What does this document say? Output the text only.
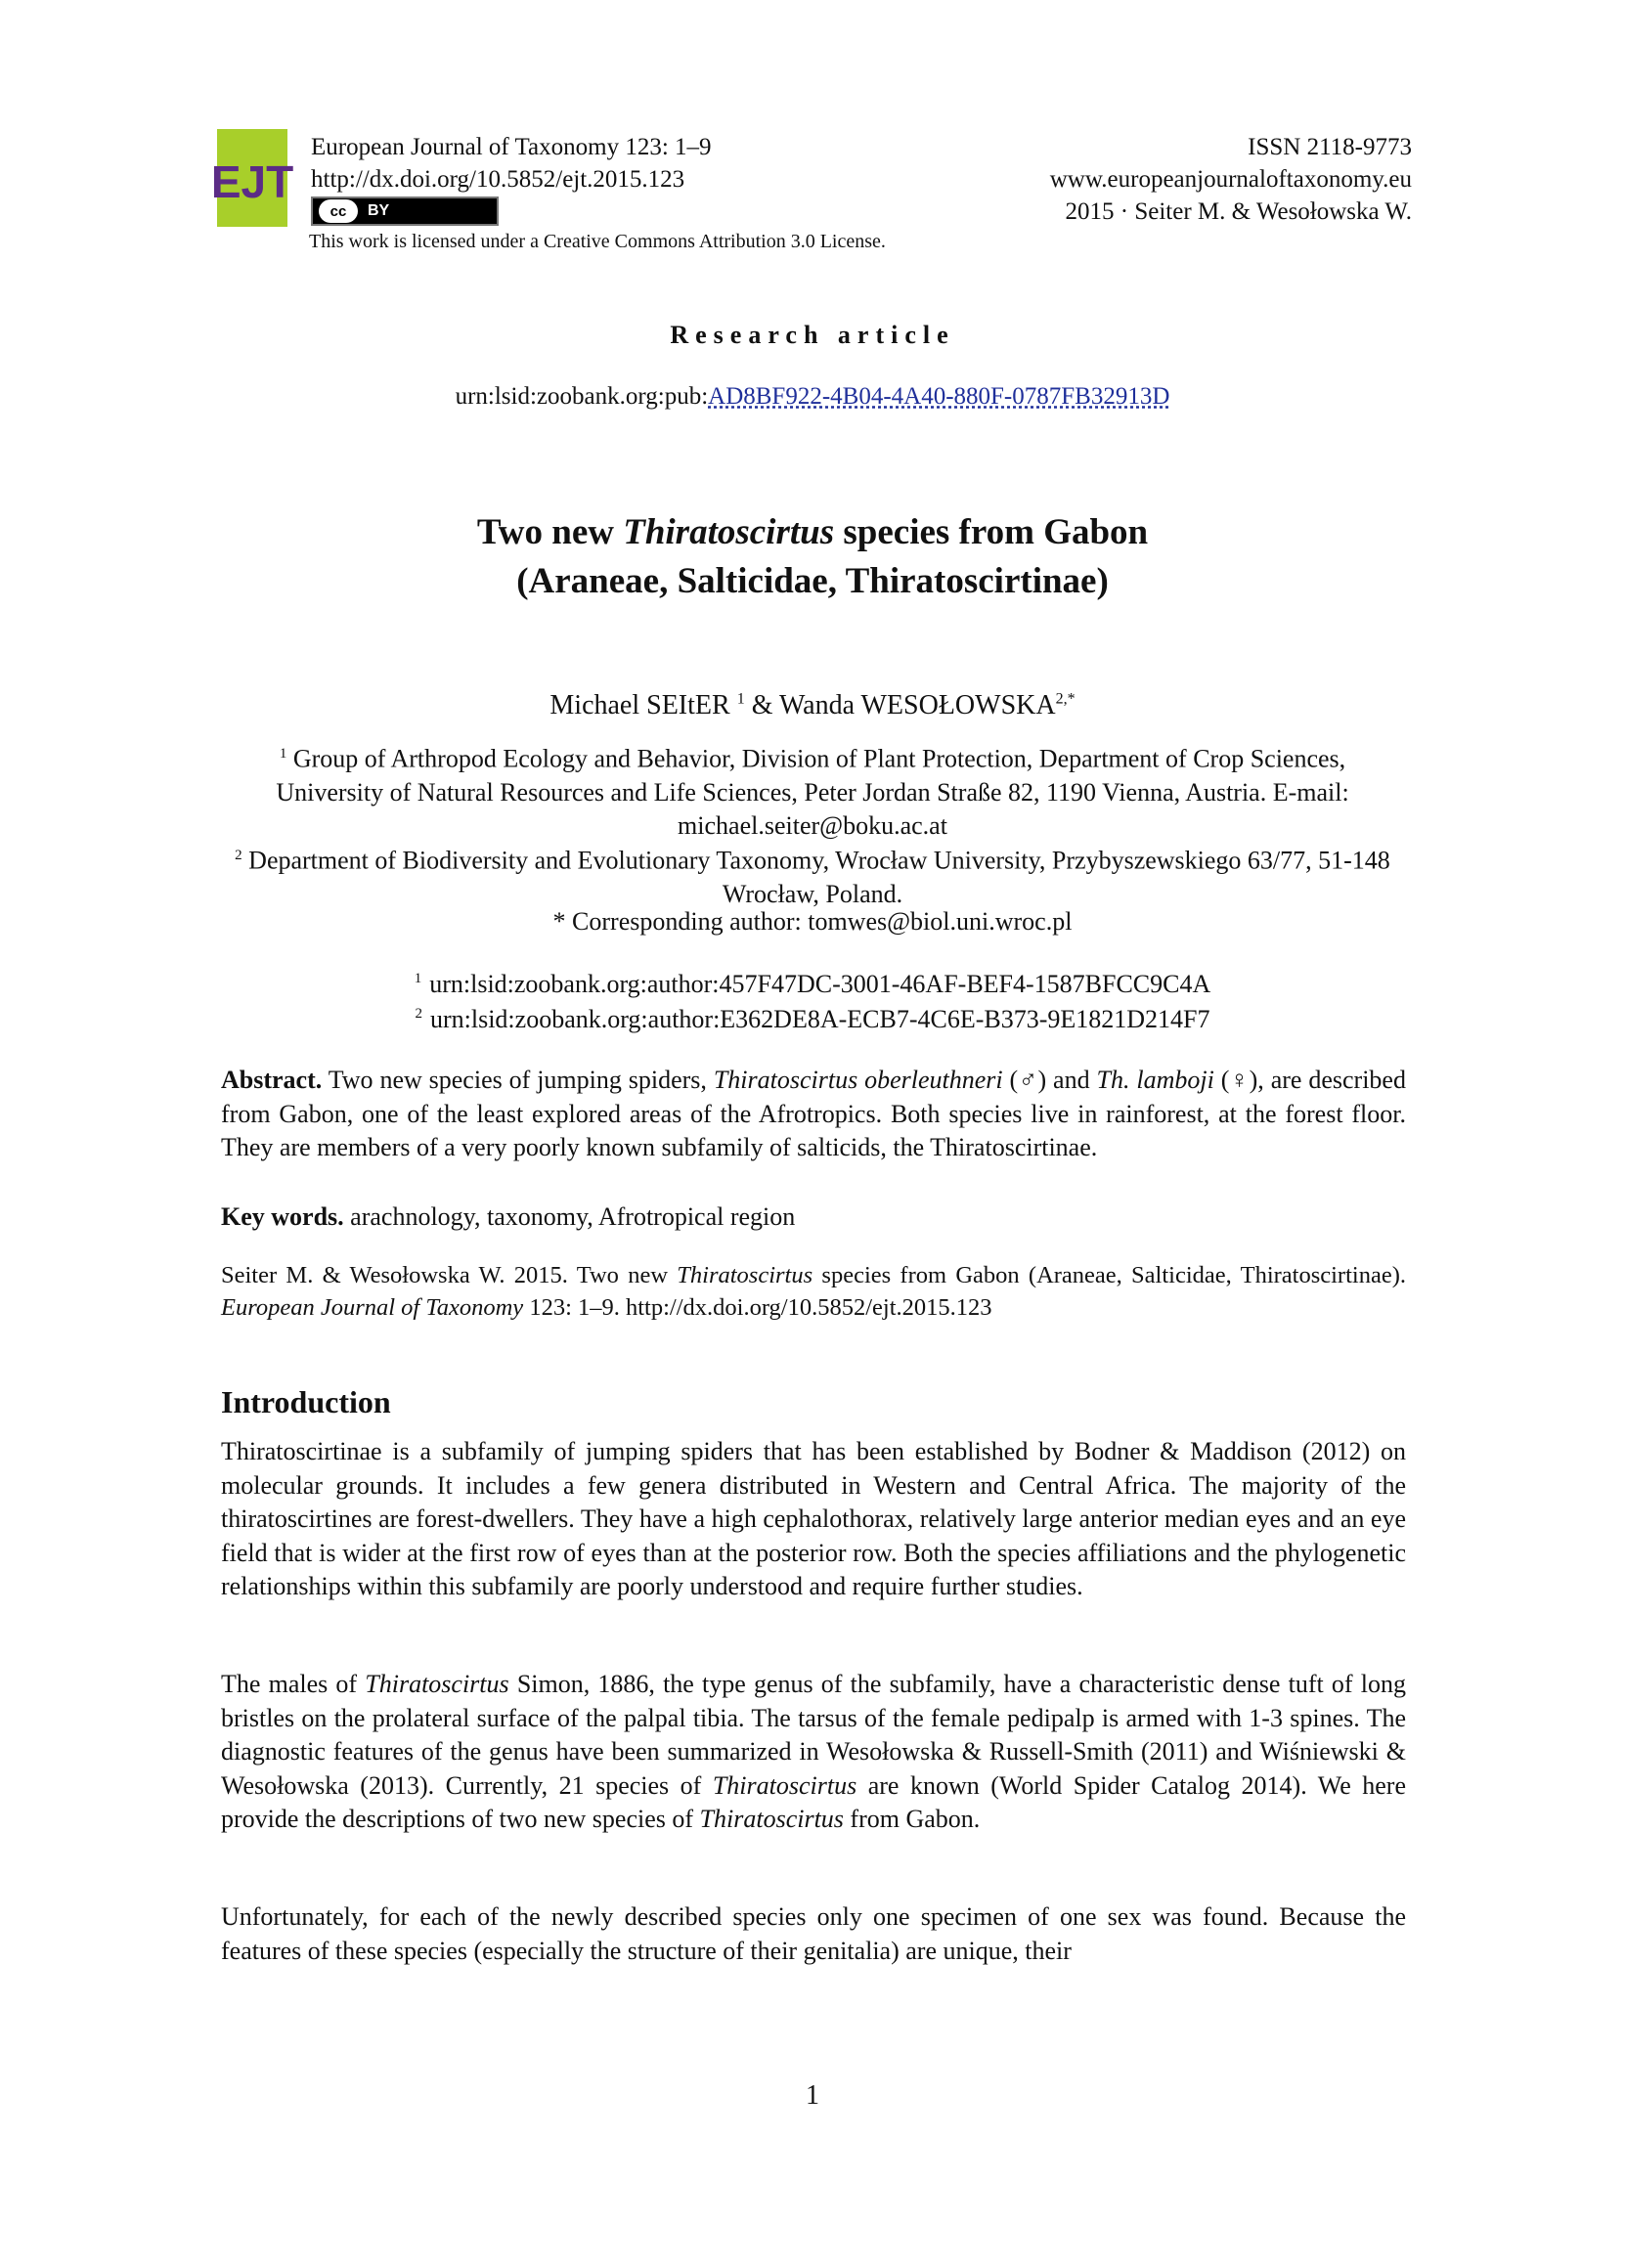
EJT
European Journal of Taxonomy 123: 1–9
http://dx.doi.org/10.5852/ejt.2015.123
cc	BY
This work is licensed under a Creative Commons Attribution 3.0 License.
ISSN 2118-9773
www.europeanjournaloftaxonomy.eu
2015 · Seiter M. & Wesołowska W.
Research article
urn:lsid:zoobank.org:pub:AD8BF922-4B04-4A40-880F-0787FB32913D
Two new Thiratoscirtus species from Gabon
(Araneae, Salticidae, Thiratoscirtinae)
Michael SEItER $^1$ & Wanda $WESOŁOWSKA^{2,*}$
$^1$ Group of Arthropod Ecology and Behavior, Division of Plant Protection, Department of Crop Sciences, University of Natural Resources and Life Sciences, Peter Jordan Straße 82, 1190 Vienna, Austria. E-mail: michael.seiter@boku.ac.at
$^2$ Department of Biodiversity and Evolutionary Taxonomy, Wrocław University, Przybyszewskiego 63/77, 51-148 Wrocław, Poland.
* Corresponding author: tomwes@biol.uni.wroc.pl
$^1$ urn:lsid:zoobank.org:author:457F47DC-3001-46AF-BEF4-1587BFCC9C4A
$^2$ urn:lsid:zoobank.org:author:E362DE8A-ECB7-4C6E-B373-9E1821D214F7
Abstract. Two new species of jumping spiders, Thiratoscirtus oberleuthneri (♂) and Th. lamboji (♀), are described from Gabon, one of the least explored areas of the Afrotropics. Both species live in rainforest, at the forest floor. They are members of a very poorly known subfamily of salticids, the Thiratoscirtinae.
Key words. arachnology, taxonomy, Afrotropical region
Seiter M. & Wesołowska W. 2015. Two new Thiratoscirtus species from Gabon (Araneae, Salticidae, Thiratoscirtinae). European Journal of Taxonomy 123: 1–9. http://dx.doi.org/10.5852/ejt.2015.123
Introduction
Thiratoscirtinae is a subfamily of jumping spiders that has been established by Bodner & Maddison (2012) on molecular grounds. It includes a few genera distributed in Western and Central Africa. The majority of the thiratoscirtines are forest-dwellers. They have a high cephalothorax, relatively large anterior median eyes and an eye field that is wider at the first row of eyes than at the posterior row. Both the species affiliations and the phylogenetic relationships within this subfamily are poorly understood and require further studies.
The males of Thiratoscirtus Simon, 1886, the type genus of the subfamily, have a characteristic dense tuft of long bristles on the prolateral surface of the palpal tibia. The tarsus of the female pedipalp is armed with 1-3 spines. The diagnostic features of the genus have been summarized in Wesołowska & Russell-Smith (2011) and Wiśniewski & Wesołowska (2013). Currently, 21 species of Thiratoscirtus are known (World Spider Catalog 2014). We here provide the descriptions of two new species of Thiratoscirtus from Gabon.
Unfortunately, for each of the newly described species only one specimen of one sex was found. Because the features of these species (especially the structure of their genitalia) are unique, their
1
